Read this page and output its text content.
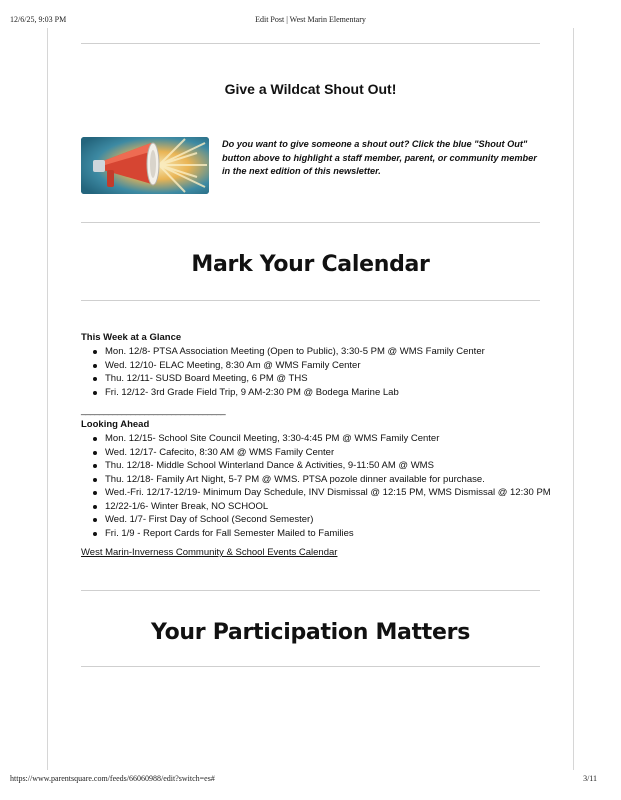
12/6/25, 9:03 PM	Edit Post | West Marin Elementary
Give a Wildcat Shout Out!
Do you want to give someone a shout out? Click the blue "Shout Out" button above to highlight a staff member, parent, or community member in the next edition of this newsletter.
Mark Your Calendar
This Week at a Glance
Mon. 12/8- PTSA Association Meeting (Open to Public), 3:30-5 PM @ WMS Family Center
Wed. 12/10- ELAC Meeting, 8:30 Am @ WMS Family Center
Thu. 12/11- SUSD Board Meeting, 6 PM @ THS
Fri. 12/12- 3rd Grade Field Trip, 9 AM-2:30 PM @ Bodega Marine Lab
________________________________
Looking Ahead
Mon. 12/15- School Site Council Meeting, 3:30-4:45 PM @ WMS Family Center
Wed. 12/17- Cafecito, 8:30 AM @ WMS Family Center
Thu. 12/18- Middle School Winterland Dance & Activities, 9-11:50 AM @ WMS
Thu. 12/18- Family Art Night, 5-7 PM @ WMS. PTSA pozole dinner available for purchase.
Wed.-Fri. 12/17-12/19- Minimum Day Schedule, INV Dismissal @ 12:15 PM, WMS Dismissal @ 12:30 PM
12/22-1/6- Winter Break, NO SCHOOL
Wed. 1/7- First Day of School (Second Semester)
Fri. 1/9 - Report Cards for Fall Semester Mailed to Families
West Marin-Inverness Community & School Events Calendar
Your Participation Matters
https://www.parentsquare.com/feeds/66060988/edit?switch=es#	3/11
